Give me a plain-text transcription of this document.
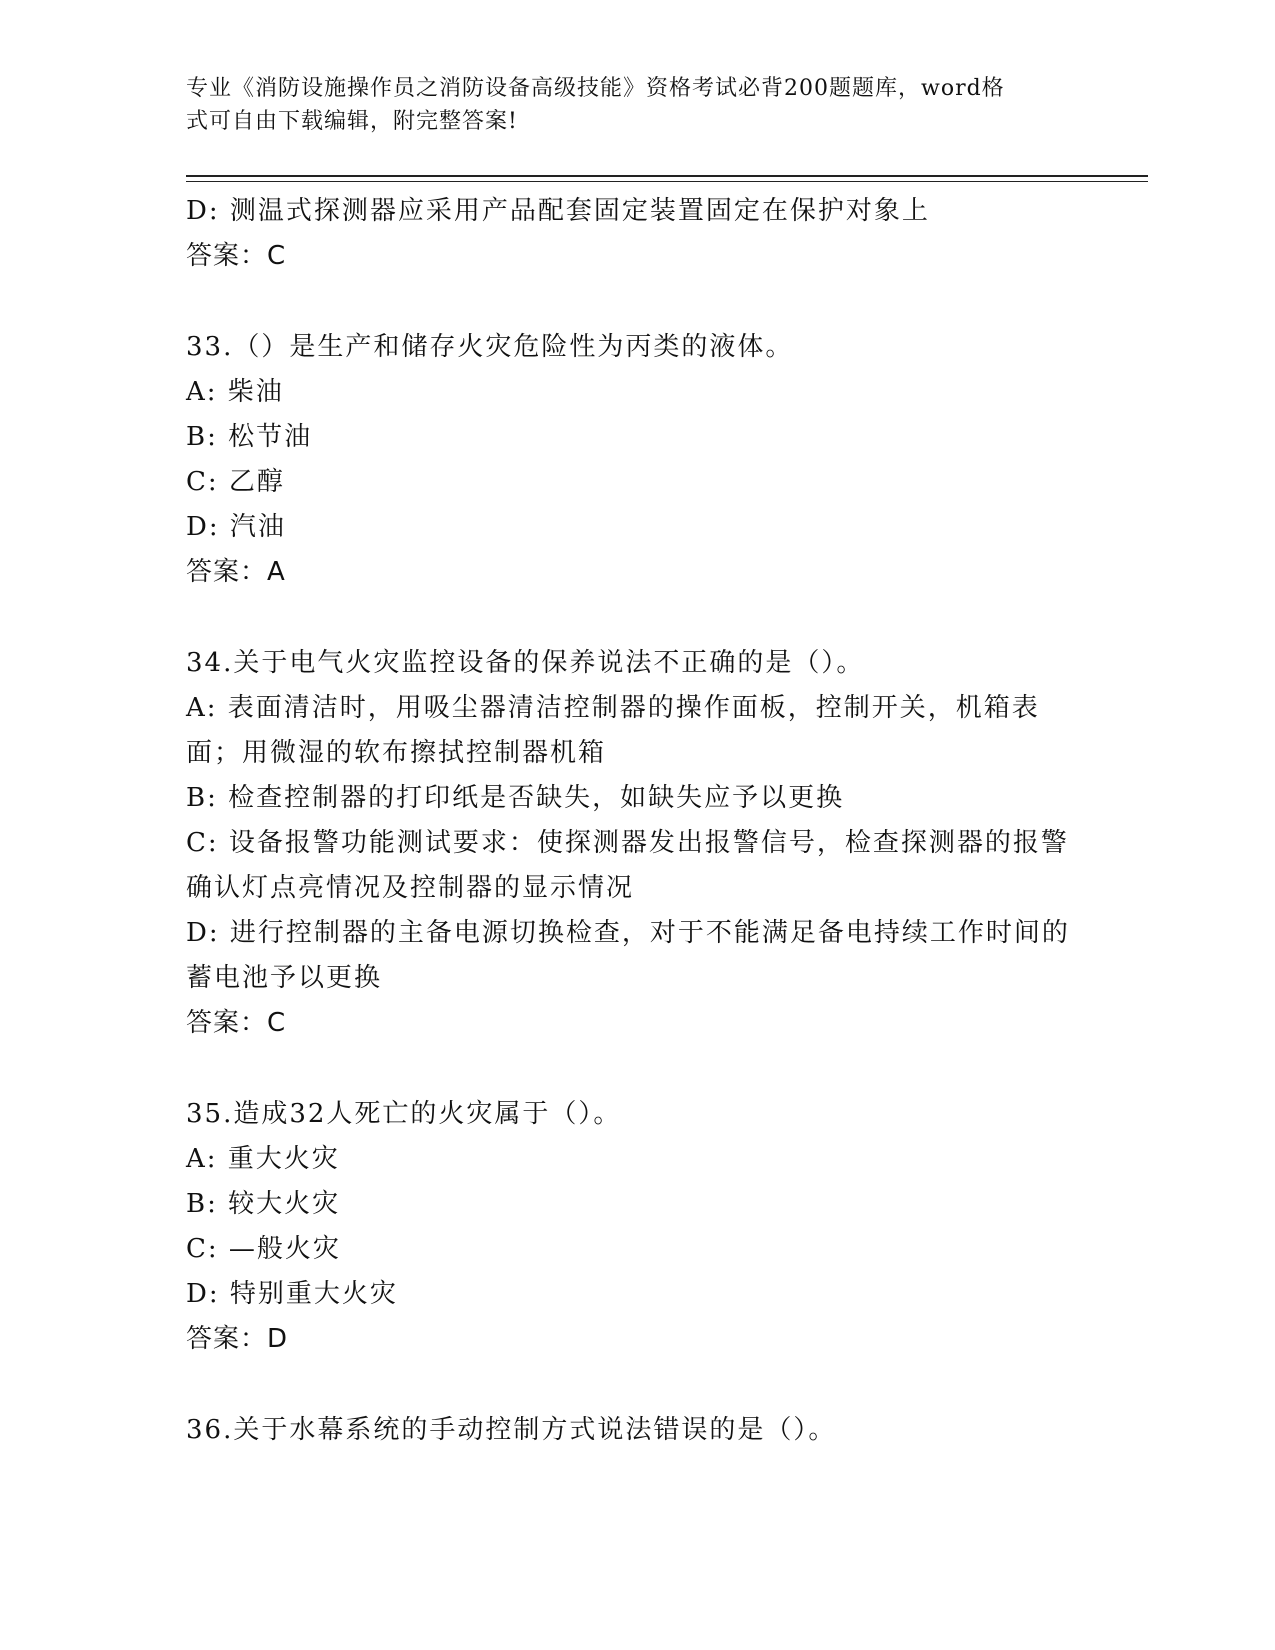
专业《消防设施操作员之消防设备高级技能》资格考试必背200题题库，word格
式可自由下载编辑，附完整答案!
D: 测温式探测器应采用产品配套固定装置固定在保护对象上
答案：C
33.（）是生产和储存火灾危险性为丙类的液体。
A: 柴油
B: 松节油
C: 乙醇
D: 汽油
答案：A
34.关于电气火灾监控设备的保养说法不正确的是（）。
A: 表面清洁时，用吸尘器清洁控制器的操作面板，控制开关，机箱表面；用微湿的软布擦拭控制器机箱
B: 检查控制器的打印纸是否缺失，如缺失应予以更换
C: 设备报警功能测试要求：使探测器发出报警信号，检查探测器的报警确认灯点亮情况及控制器的显示情况
D: 进行控制器的主备电源切换检查，对于不能满足备电持续工作时间的蓄电池予以更换
答案：C
35.造成32人死亡的火灾属于（）。
A: 重大火灾
B: 较大火灾
C: —般火灾
D: 特别重大火灾
答案：D
36.关于水幕系统的手动控制方式说法错误的是（）。
